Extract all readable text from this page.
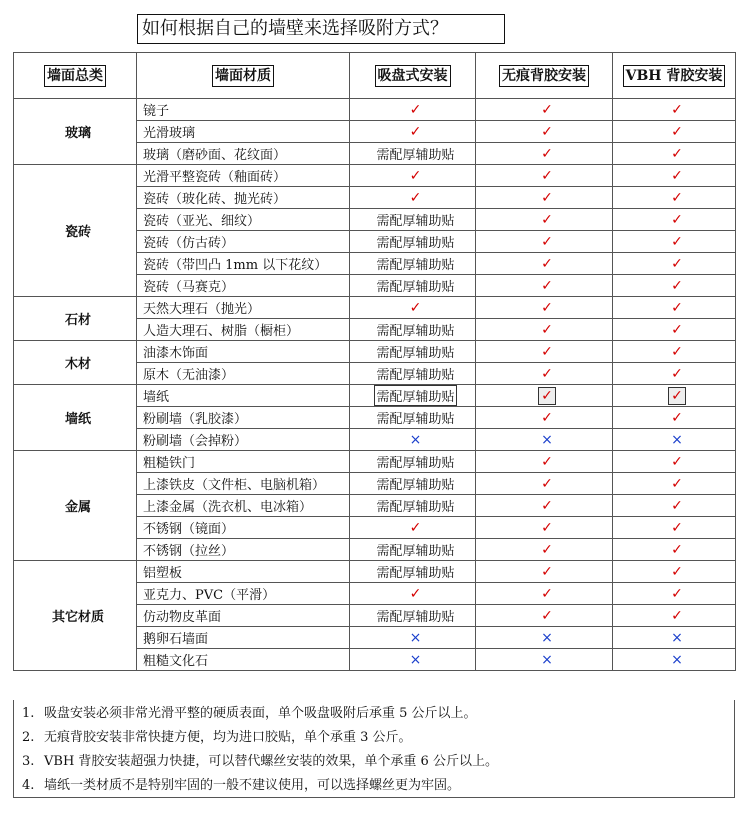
如何根据自己的墙壁来选择吸附方式？
墙面总类	墙面材质	吸盘式安装	无痕背胶安装	VBH 背胶安装
玻璃	镜子	✓	✓	✓
	光滑玻璃	✓	✓	✓
	玻璃（磨砂面、花纹面）	需配厚辅助贴	✓	✓
瓷砖	光滑平整瓷砖（釉面砖）	✓	✓	✓
	瓷砖（玻化砖、抛光砖）	✓	✓	✓
	瓷砖（亚光、细纹）	需配厚辅助贴	✓	✓
	瓷砖（仿古砖）	需配厚辅助贴	✓	✓
	瓷砖（带凹凸 1mm 以下花纹）	需配厚辅助贴	✓	✓
	瓷砖（马赛克）	需配厚辅助贴	✓	✓
石材	天然大理石（抛光）	✓	✓	✓
	人造大理石、树脂（橱柜）	需配厚辅助贴	✓	✓
木材	油漆木饰面	需配厚辅助贴	✓	✓
	原木（无油漆）	需配厚辅助贴	✓	✓
墙纸	墙纸	需配厚辅助贴	✓	✓
	粉刷墙（乳胶漆）	需配厚辅助贴	✓	✓
	粉刷墙（会掉粉）	×	×	×
金属	粗糙铁门	需配厚辅助贴	✓	✓
	上漆铁皮（文件柜、电脑机箱）	需配厚辅助贴	✓	✓
	上漆金属（洗衣机、电冰箱）	需配厚辅助贴	✓	✓
	不锈钢（镜面）	✓	✓	✓
	不锈钢（拉丝）	需配厚辅助贴	✓	✓
其它材质	铝塑板	需配厚辅助贴	✓	✓
	亚克力、PVC（平滑）	✓	✓	✓
	仿动物皮革面	需配厚辅助贴	✓	✓
	鹅卵石墙面	×	×	×
	粗糙文化石	×	×	×
1. 吸盘安装必须非常光滑平整的硬质表面，单个吸盘吸附后承重 5 公斤以上。
2. 无痕背胶安装非常快捷方便，均为进口胶贴，单个承重 3 公斤。
3. VBH 背胶安装超强力快捷，可以替代螺丝安装的效果，单个承重 6 公斤以上。
4. 墙纸一类材质不是特别牢固的一般不建议使用，可以选择螺丝更为牢固。
